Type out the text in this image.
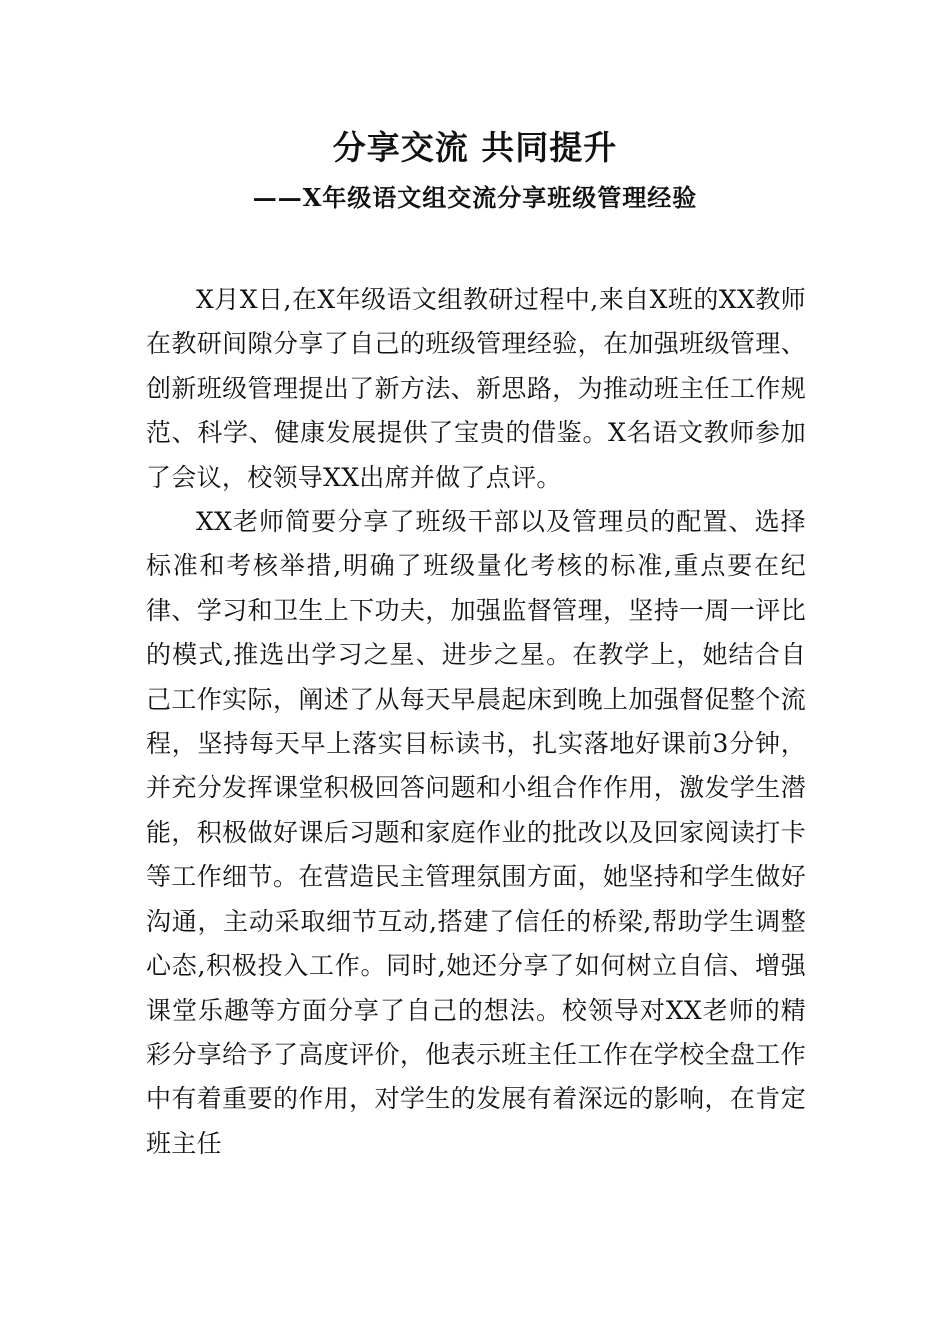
分享交流 共同提升
——X年级语文组交流分享班级管理经验

X月X日,在X年级语文组教研过程中,来自X班的XX教师在教研间隙分享了自己的班级管理经验，在加强班级管理、创新班级管理提出了新方法、新思路，为推动班主任工作规范、科学、健康发展提供了宝贵的借鉴。X名语文教师参加了会议，校领导XX出席并做了点评。

XX老师简要分享了班级干部以及管理员的配置、选择标准和考核举措,明确了班级量化考核的标准,重点要在纪律、学习和卫生上下功夫，加强监督管理，坚持一周一评比的模式,推选出学习之星、进步之星。在教学上，她结合自己工作实际，阐述了从每天早晨起床到晚上加强督促整个流程，坚持每天早上落实目标读书，扎实落地好课前3分钟，并充分发挥课堂积极回答问题和小组合作作用，激发学生潜能，积极做好课后习题和家庭作业的批改以及回家阅读打卡等工作细节。在营造民主管理氛围方面，她坚持和学生做好沟通，主动采取细节互动,搭建了信任的桥梁,帮助学生调整心态,积极投入工作。同时,她还分享了如何树立自信、增强课堂乐趣等方面分享了自己的想法。校领导对XX老师的精彩分享给予了高度评价，他表示班主任工作在学校全盘工作中有着重要的作用，对学生的发展有着深远的影响，在肯定班主任
